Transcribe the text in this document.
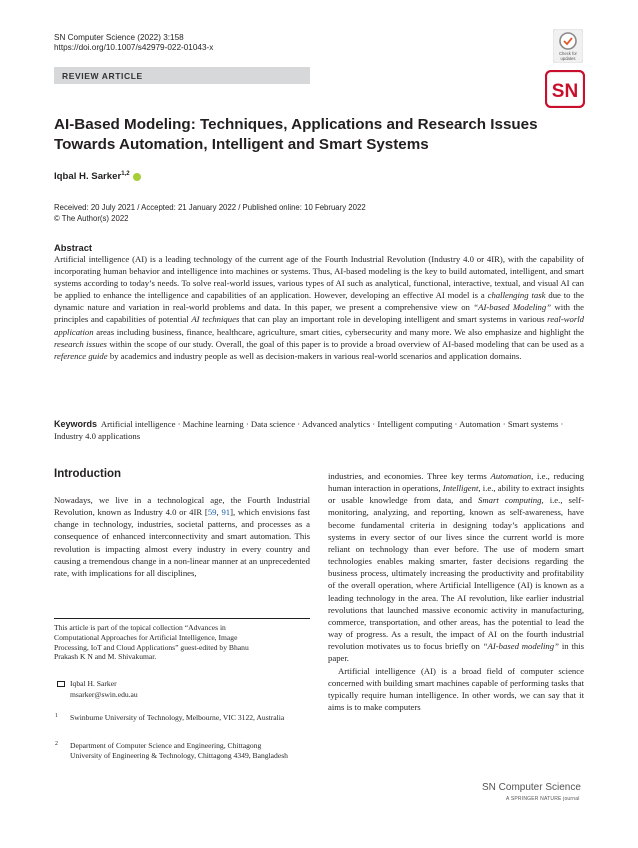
SN Computer Science (2022) 3:158
https://doi.org/10.1007/s42979-022-01043-x
Check for
updates
REVIEW ARTICLE
SN
AI‑Based Modeling: Techniques, Applications and Research Issues Towards Automation, Intelligent and Smart Systems
Iqbal H. Sarker$^{1,2}$
Received: 20 July 2021 / Accepted: 21 January 2022 / Published online: 10 February 2022
© The Author(s) 2022
Abstract
Artificial intelligence (AI) is a leading technology of the current age of the Fourth Industrial Revolution (Industry 4.0 or 4IR), with the capability of incorporating human behavior and intelligence into machines or systems. Thus, AI-based modeling is the key to build automated, intelligent, and smart systems according to today’s needs. To solve real-world issues, various types of AI such as analytical, functional, interactive, textual, and visual AI can be applied to enhance the intelligence and capabilities of an application. However, developing an effective AI model is a challenging task due to the dynamic nature and variation in real-world problems and data. In this paper, we present a comprehensive view on “AI-based Modeling” with the principles and capabilities of potential AI techniques that can play an important role in developing intelligent and smart systems in various real-world application areas including business, finance, healthcare, agriculture, smart cities, cybersecurity and many more. We also emphasize and highlight the research issues within the scope of our study. Overall, the goal of this paper is to provide a broad overview of AI-based modeling that can be used as a reference guide by academics and industry people as well as decision-makers in various real-world scenarios and application domains.
Keywords Artificial intelligence · Machine learning · Data science · Advanced analytics · Intelligent computing · Automation · Smart systems · Industry 4.0 applications
Introduction

Nowadays, we live in a technological age, the Fourth Industrial Revolution, known as Industry 4.0 or 4IR [59, 91], which envisions fast change in technology, industries, societal patterns, and processes as a consequence of enhanced interconnectivity and smart automation. This revolution is impacting almost every industry in every country and causing a tremendous change in a non-linear manner at an unprecedented rate, with implications for all disciplines,

industries, and economies. Three key terms Automation, i.e., reducing human interaction in operations, Intelligent, i.e., ability to extract insights or usable knowledge from data, and Smart computing, i.e., self-monitoring, analyzing, and reporting, known as self-awareness, have become fundamental criteria in designing today’s applications and systems in every sector of our lives since the current world is more reliant on technology than ever before. The use of modern smart technologies enables making smarter, faster decisions regarding the business process, ultimately increasing the productivity and profitability of the overall operation, where Artificial Intelligence (AI) is known as a leading technology in the area. The AI revolution, like earlier industrial revolutions that launched massive economic activity in manufacturing, commerce, transportation, and other areas, has the potential to lead the way of progress. As a result, the impact of AI on the fourth industrial revolution motivates us to focus briefly on “AI-based modeling” in this paper.

Artificial intelligence (AI) is a broad field of computer science concerned with building smart machines capable of performing tasks that typically require human intelligence. In other words, we can say that it aims is to make computers

This article is part of the topical collection “Advances in Computational Approaches for Artificial Intelligence, Image Processing, IoT and Cloud Applications” guest-edited by Bhanu Prakash K N and M. Shivakumar.
Iqbal H. Sarker
msarker@swin.edu.au
1 Swinburne University of Technology, Melbourne, VIC 3122, Australia
2 Department of Computer Science and Engineering, Chittagong University of Engineering & Technology, Chittagong 4349, Bangladesh
SN Computer Science
A SPRINGER NATURE journal
